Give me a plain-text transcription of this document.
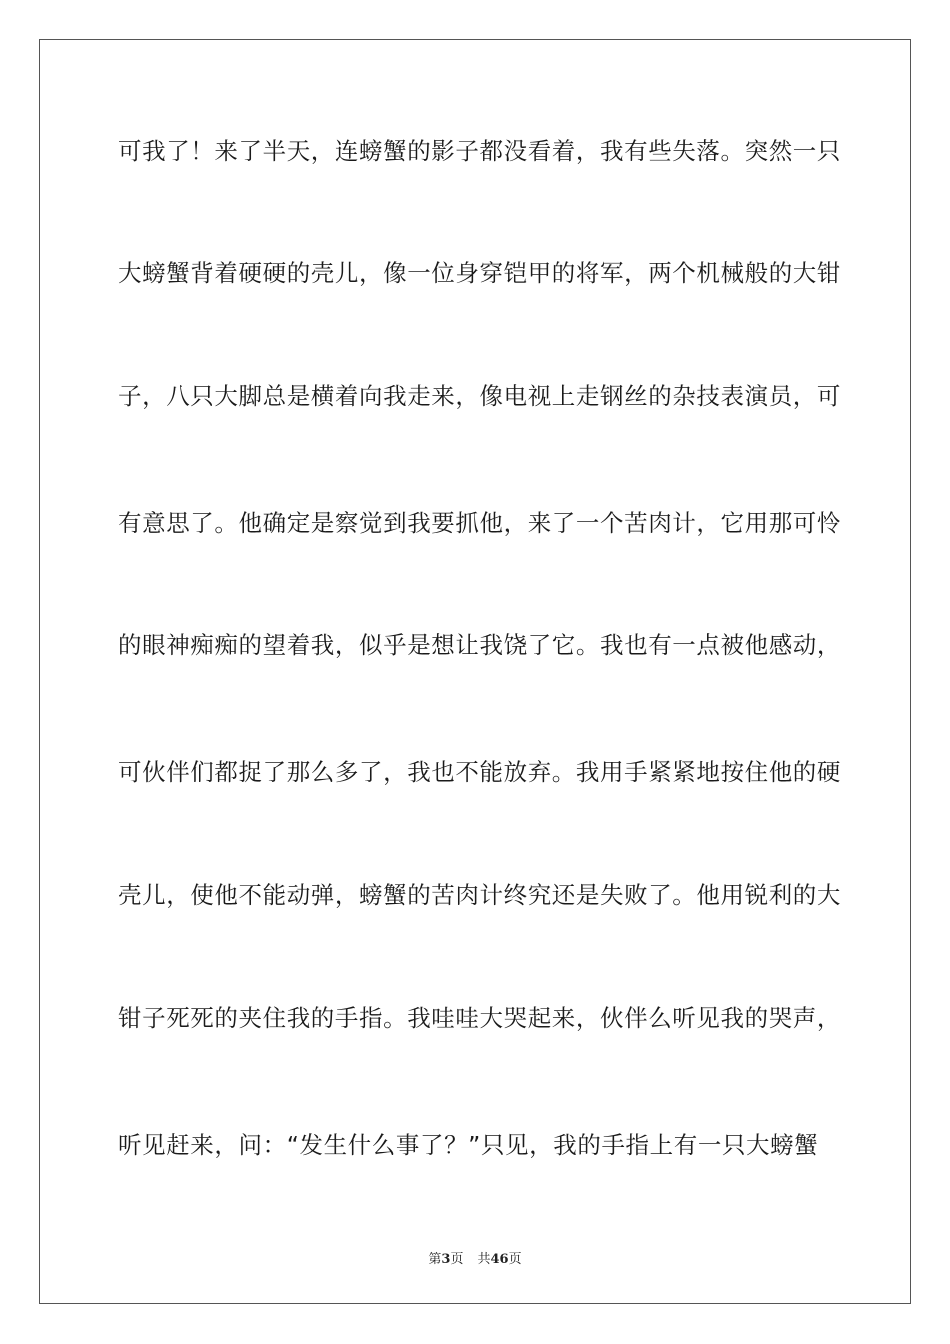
可我了！来了半天，连螃蟹的影子都没看着，我有些失落。突然一只
大螃蟹背着硬硬的壳儿，像一位身穿铠甲的将军，两个机械般的大钳
子，八只大脚总是横着向我走来，像电视上走钢丝的杂技表演员，可
有意思了。他确定是察觉到我要抓他，来了一个苦肉计，它用那可怜
的眼神痴痴的望着我，似乎是想让我饶了它。我也有一点被他感动，
可伙伴们都捉了那么多了，我也不能放弃。我用手紧紧地按住他的硬
壳儿，使他不能动弹，螃蟹的苦肉计终究还是失败了。他用锐利的大
钳子死死的夹住我的手指。我哇哇大哭起来，伙伴么听见我的哭声，
听见赶来，问：“发生什么事了？”只见，我的手指上有一只大螃蟹
第3页 共46页
